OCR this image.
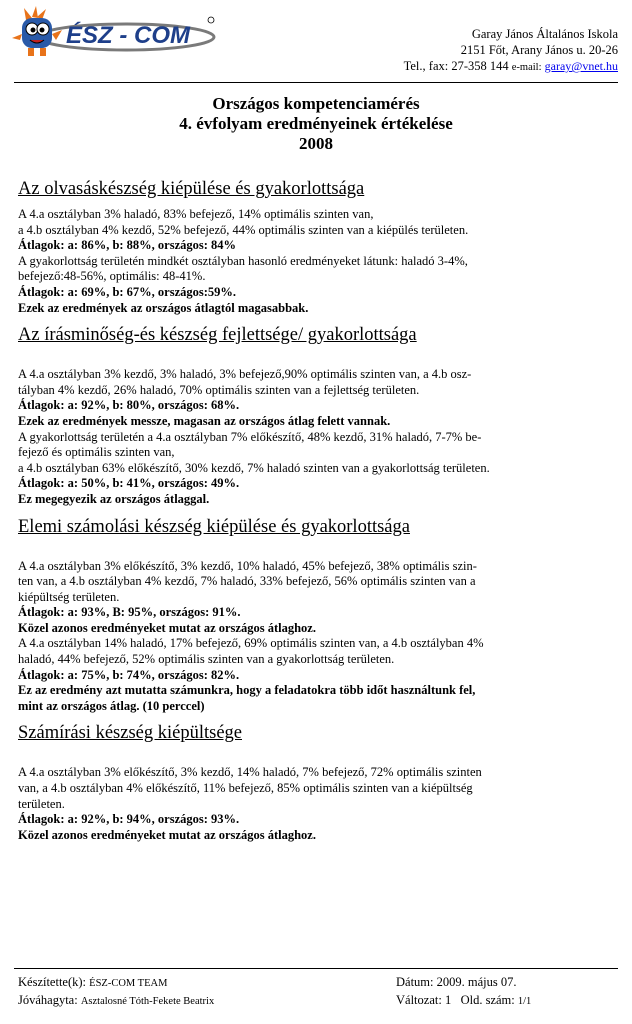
ÉSZ - COM	Garay János Általános Iskola
2151 Főt, Arany János u. 20-26
Tel., fax: 27-358 144 e-mail: garay@vnet.hu
Országos kompetenciamérés
4. évfolyam eredményeinek értékelése
2008
Az olvasáskészség kiépülése és gyakorlottsága
A 4.a osztályban 3% haladó, 83% befejező, 14% optimális szinten van,
a 4.b osztályban 4% kezdő, 52% befejező, 44% optimális szinten van a kiépülés területen.
Átlagok: a: 86%, b: 88%, országos: 84%
A gyakorlottság területén mindkét osztályban hasonló eredményeket látunk: haladó 3-4%,
befejező:48-56%, optimális: 48-41%.
Átlagok: a: 69%, b: 67%, országos:59%.
Ezek az eredmények az országos átlagtól magasabbak.
Az írásminőség-és készség fejlettsége/ gyakorlottsága
A 4.a osztályban 3% kezdő, 3% haladó, 3% befejező,90% optimális szinten van, a 4.b osz-
tályban 4% kezdő, 26% haladó, 70% optimális szinten van a fejlettség területen.
Átlagok: a: 92%, b: 80%, országos: 68%.
Ezek az eredmények messze, magasan az országos átlag felett vannak.
A gyakorlottság területén a 4.a osztályban 7% előkészítő, 48% kezdő, 31% haladó, 7-7% be-
fejező és optimális szinten van,
a 4.b osztályban 63% előkészítő, 30% kezdő, 7% haladó szinten van a gyakorlottság területen.
Átlagok: a: 50%, b: 41%, országos: 49%.
Ez megegyezik az országos átlaggal.
Elemi számolási készség kiépülése és gyakorlottsága
A 4.a osztályban 3% előkészítő, 3% kezdő, 10% haladó, 45% befejező, 38% optimális szin-
ten van, a 4.b osztályban 4% kezdő, 7% haladó, 33% befejező, 56% optimális szinten van a
kiépültség területen.
Átlagok: a: 93%, B: 95%, országos: 91%.
Közel azonos eredményeket mutat az országos átlaghoz.
A 4.a osztályban 14% haladó, 17% befejező, 69% optimális szinten van, a 4.b osztályban 4%
haladó, 44% befejező, 52% optimális szinten van a gyakorlottság területen.
Átlagok: a: 75%, b: 74%, országos: 82%.
Ez az eredmény azt mutatta számunkra, hogy a feladatokra több időt használtunk fel,
mint az országos átlag. (10 perccel)
Számírási készség kiépültsége
A 4.a osztályban 3% előkészítő, 3% kezdő, 14% haladó, 7% befejező, 72% optimális szinten
van, a 4.b osztályban 4% előkészítő, 11% befejező, 85% optimális szinten van a kiépültség
területen.
Átlagok: a: 92%, b: 94%, országos: 93%.
Közel azonos eredményeket mutat az országos átlaghoz.
Készítette(k): ÉSZ-COM TEAM
Jóváhagyta: Asztalosné Tóth-Fekete Beatrix
Dátum: 2009. május 07.
Változat: 1 Old. szám: 1/1
